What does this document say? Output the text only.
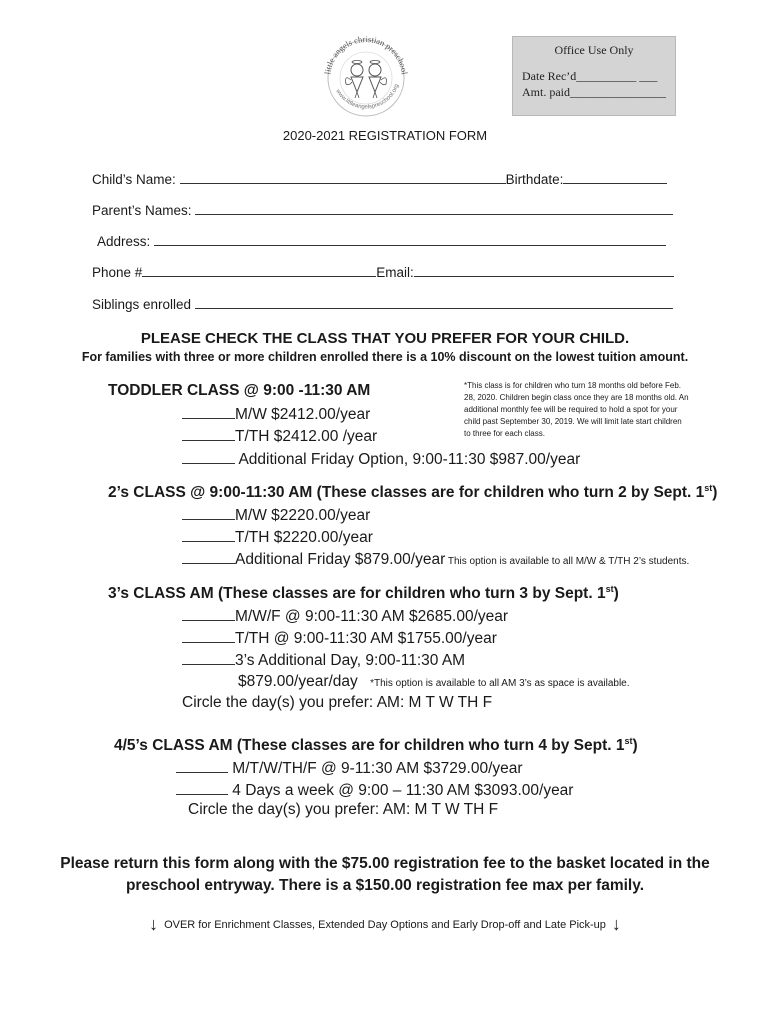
little angels christian preschool
www.littleangelspreschool.org
Office Use Only
Date Rec’d__________ ___
Amt. paid________________
2020-2021 REGISTRATION FORM
Child’s Name:	Birthdate:
Parent’s Names:
Address:
Phone #	Email:
Siblings enrolled
PLEASE CHECK THE CLASS THAT YOU PREFER FOR YOUR CHILD.
For families with three or more children enrolled there is a 10% discount on the lowest tuition amount.
TODDLER CLASS @ 9:00 -11:30 AM	*This class is for children who turn 18 months old before Feb. 28, 2020. Children begin class once they are 18 months old. An additional monthly fee will be required to hold a spot for your child past September 30, 2019. We will limit late start children to three for each class.
M/W $2412.00/year
T/TH $2412.00 /year
Additional Friday Option, 9:00-11:30 $987.00/year
2’s CLASS @ 9:00-11:30 AM (These classes are for children who turn 2 by Sept. 1st)
M/W $2220.00/year
T/TH $2220.00/year
Additional Friday $879.00/year This option is available to all M/W & T/TH 2’s students.
3’s CLASS AM (These classes are for children who turn 3 by Sept. 1st)
M/W/F @ 9:00-11:30 AM $2685.00/year
T/TH @ 9:00-11:30 AM $1755.00/year
3’s Additional Day, 9:00-11:30 AM
$879.00/year/day *This option is available to all AM 3’s as space is available.
Circle the day(s) you prefer: AM: M T W TH F
4/5’s CLASS AM (These classes are for children who turn 4 by Sept. 1st)
M/T/W/TH/F @ 9-11:30 AM $3729.00/year
4 Days a week @ 9:00 – 11:30 AM $3093.00/year
Circle the day(s) you prefer: AM: M T W TH F
Please return this form along with the $75.00 registration fee to the basket located in the
preschool entryway. There is a $150.00 registration fee max per family.
↓ OVER for Enrichment Classes, Extended Day Options and Early Drop-off and Late Pick-up ↓
